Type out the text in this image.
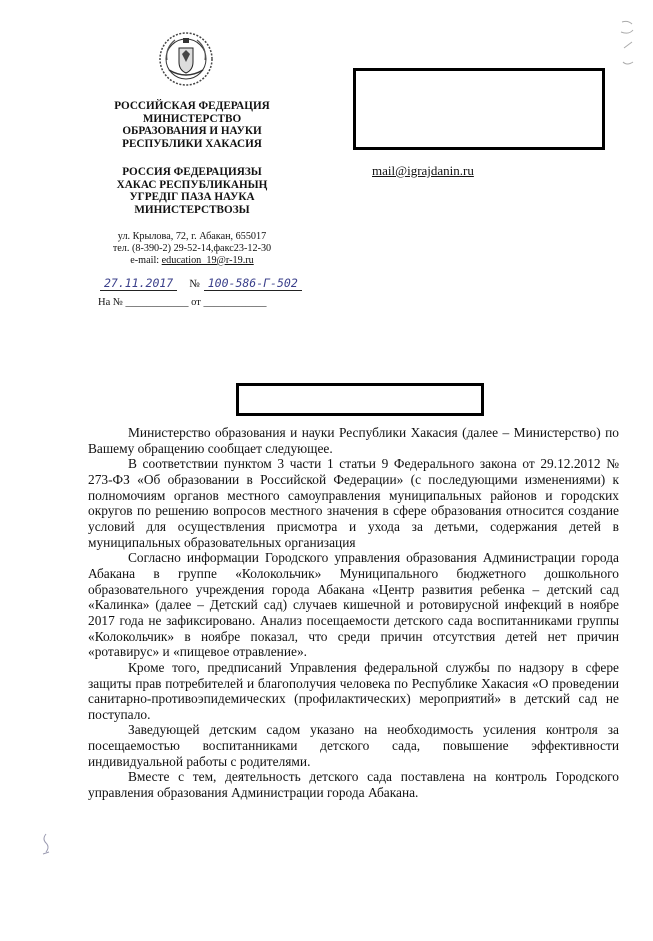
РОССИЙСКАЯ ФЕДЕРАЦИЯ
МИНИСТЕРСТВО
ОБРАЗОВАНИЯ И НАУКИ
РЕСПУБЛИКИ ХАКАСИЯ
РОССИЯ ФЕДЕРАЦИЯЗЫ
ХАКАС РЕСПУБЛИКАНЫҢ
УГРЕДIГ ПАЗА НАУКА
МИНИСТЕРСТВОЗЫ
ул. Крылова, 72, г. Абакан, 655017
тел. (8-390-2) 29-52-14,факс23-12-30
e-mail: education_19@r-19.ru
27.11.2017 № 100-586-Г-502
На № ____________ от ____________
mail@igrajdanin.ru

Министерство образования и науки Республики Хакасия (далее – Министерство) по Вашему обращению сообщает следующее.

В соответствии пунктом 3 части 1 статьи 9 Федерального закона от 29.12.2012 № 273-ФЗ «Об образовании в Российской Федерации» (с последующими изменениями) к полномочиям органов местного самоуправления муниципальных районов и городских округов по решению вопросов местного значения в сфере образования относится создание условий для осуществления присмотра и ухода за детьми, содержания детей в муниципальных образовательных организация

Согласно информации Городского управления образования Администрации города Абакана в группе «Колокольчик» Муниципального бюджетного дошкольного образовательного учреждения города Абакана «Центр развития ребенка – детский сад «Калинка» (далее – Детский сад) случаев кишечной и ротовирусной инфекций в ноябре 2017 года не зафиксировано. Анализ посещаемости детского сада воспитанниками группы «Колокольчик» в ноябре показал, что среди причин отсутствия детей нет причин «ротавирус» и «пищевое отравление».

Кроме того, предписаний Управления федеральной службы по надзору в сфере защиты прав потребителей и благополучия человека по Республике Хакасия «О проведении санитарно-противоэпидемических (профилактических) мероприятий» в детский сад не поступало.

Заведующей детским садом указано на необходимость усиления контроля за посещаемостью воспитанниками детского сада, повышение эффективности индивидуальной работы с родителями.

Вместе с тем, деятельность детского сада поставлена на контроль Городского управления образования Администрации города Абакана.
